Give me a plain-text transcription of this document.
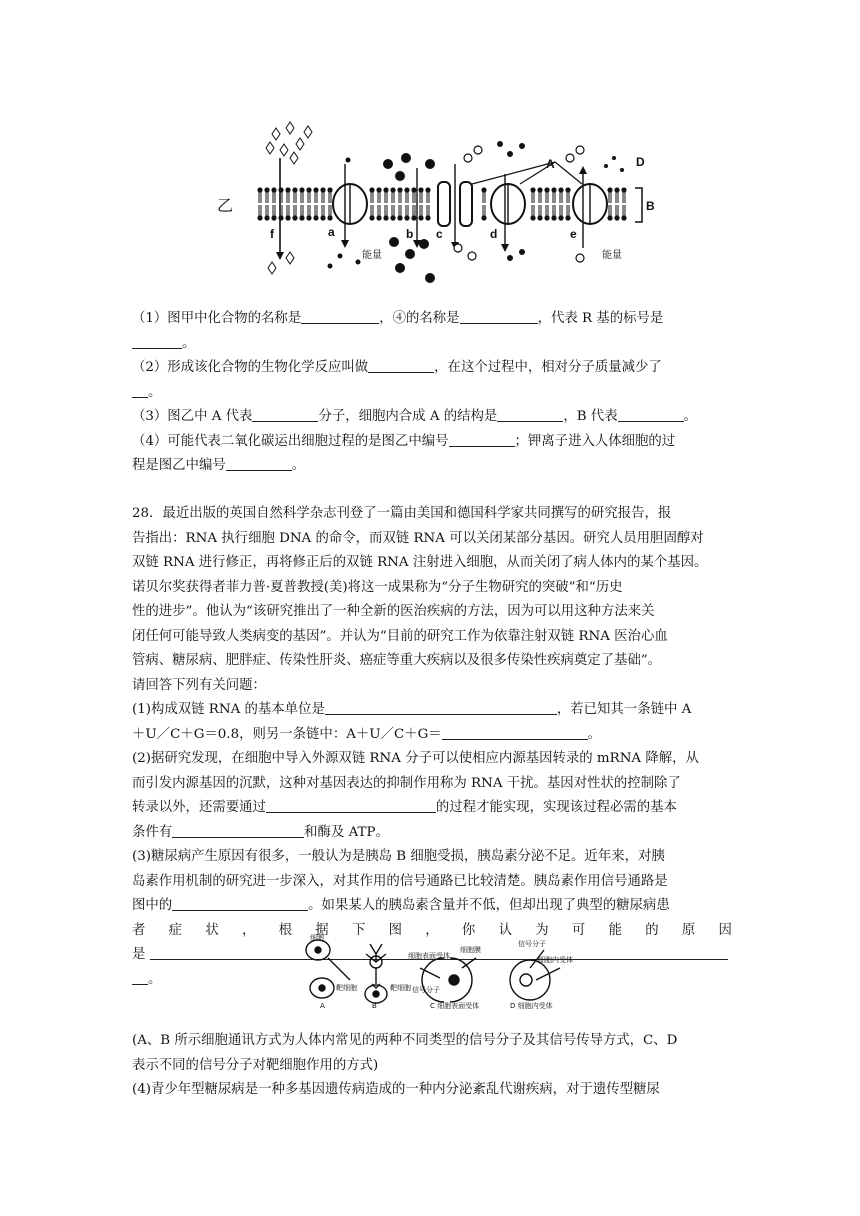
f	a	b c	d	e
A	D
B
能量	能量
乙
（1）图甲中化合物的名称是	，④的名称是	，代表 R 基的标号是
。
（2）形成该化合物的生物化学反应叫做	，在这个过程中，相对分子质量减少了
。
（3）图乙中 A 代表	分子，细胞内合成 A 的结构是	，B 代表	。
（4）可能代表二氧化碳运出细胞过程的是图乙中编号	；钾离子进入人体细胞的过
程是图乙中编号	。
28．最近出版的英国自然科学杂志刊登了一篇由美国和德国科学家共同撰写的研究报告，报
告指出：RNA 执行细胞 DNA 的命令，而双链 RNA 可以关闭某部分基因。研究人员用胆固醇对
双链 RNA 进行修正，再将修正后的双链 RNA 注射进入细胞，从而关闭了病人体内的某个基因。
诺贝尔奖获得者菲力普·夏普教授(美)将这一成果称为“分子生物研究的突破”和“历史
性的进步”。他认为“该研究推出了一种全新的医治疾病的方法，因为可以用这种方法来关
闭任何可能导致人类病变的基因”。并认为“目前的研究工作为依靠注射双链 RNA 医治心血
管病、糖尿病、肥胖症、传染性肝炎、癌症等重大疾病以及很多传染性疾病奠定了基础”。
请回答下列有关问题：
(1)构成双链 RNA 的基本单位是	，若已知其一条链中 A
＋U／C＋G＝0.8，则另一条链中：A＋U／C＋G＝	。
(2)据研究发现，在细胞中导入外源双链 RNA 分子可以使相应内源基因转录的 mRNA 降解，从
而引发内源基因的沉默，这种对基因表达的抑制作用称为 RNA 干扰。基因对性状的控制除了
转录以外，还需要通过	的过程才能实现，实现该过程必需的基本
条件有	和酶及 ATP。
(3)糖尿病产生原因有很多，一般认为是胰岛 B 细胞受损，胰岛素分泌不足。近年来，对胰
岛素作用机制的研究进一步深入，对其作用的信号通路已比较清楚。胰岛素作用信号通路是
图中的	。如果某人的胰岛素含量并不低，但却出现了典型的糖尿病患
者 症 状 ， 根 据 下 图 ， 你 认 为 可 能 的 原 因
是
。
细胞
靶细胞	靶细胞
细胞表面受体
细胞膜
信号分子
信号分子
细胞内受体
A	B	C 细胞表面受体	D 细胞内受体
(A、B 所示细胞通讯方式为人体内常见的两种不同类型的信号分子及其信号传导方式，C、D
表示不同的信号分子对靶细胞作用的方式)
(4)青少年型糖尿病是一种多基因遗传病造成的一种内分泌紊乱代谢疾病，对于遗传型糖尿
